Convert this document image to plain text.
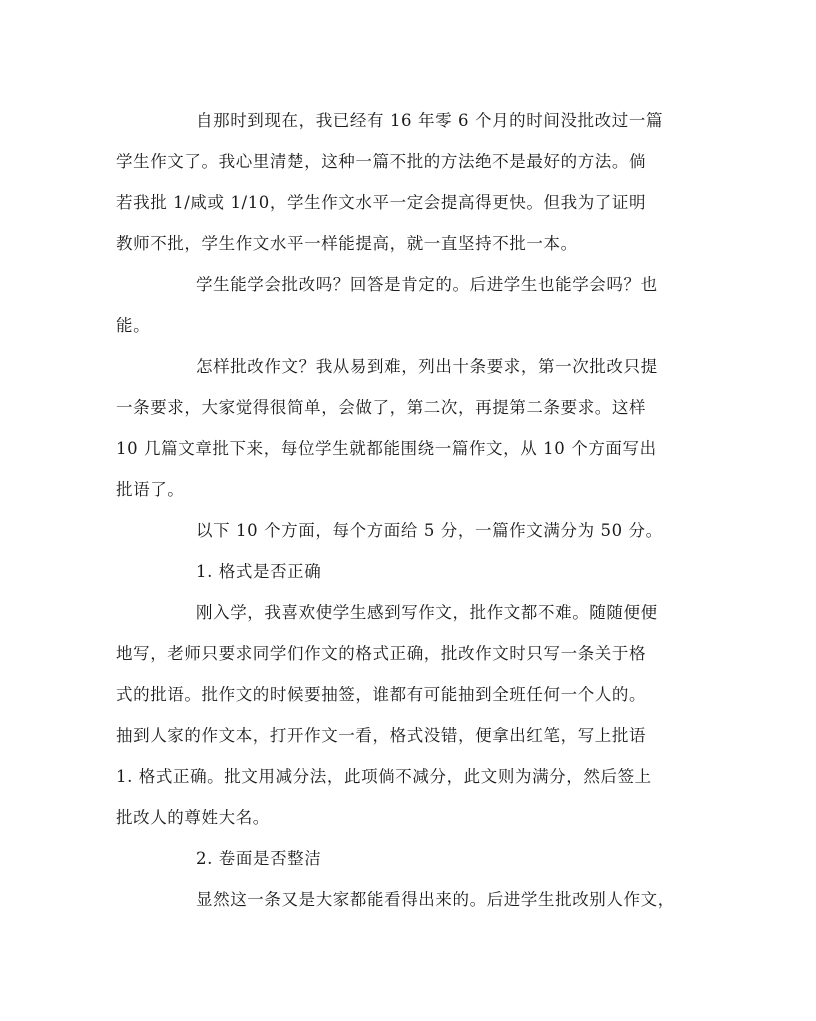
自那时到现在，我已经有 16 年零 6 个月的时间没批改过一篇
学生作文了。我心里清楚，这种一篇不批的方法绝不是最好的方法。倘
若我批 1/咸或 1/10，学生作文水平一定会提高得更快。但我为了证明
教师不批，学生作文水平一样能提高，就一直坚持不批一本。
学生能学会批改吗？回答是肯定的。后进学生也能学会吗？也
能。
怎样批改作文？我从易到难，列出十条要求，第一次批改只提
一条要求，大家觉得很简单，会做了，第二次，再提第二条要求。这样
10 几篇文章批下来，每位学生就都能围绕一篇作文，从 10 个方面写出
批语了。
以下 10 个方面，每个方面给 5 分，一篇作文满分为 50 分。
1. 格式是否正确
刚入学，我喜欢使学生感到写作文，批作文都不难。随随便便
地写，老师只要求同学们作文的格式正确，批改作文时只写一条关于格
式的批语。批作文的时候要抽签，谁都有可能抽到全班任何一个人的。
抽到人家的作文本，打开作文一看，格式没错，便拿出红笔，写上批语
1. 格式正确。批文用减分法，此项倘不减分，此文则为满分，然后签上
批改人的尊姓大名。
2. 卷面是否整洁
显然这一条又是大家都能看得出来的。后进学生批改别人作文，
